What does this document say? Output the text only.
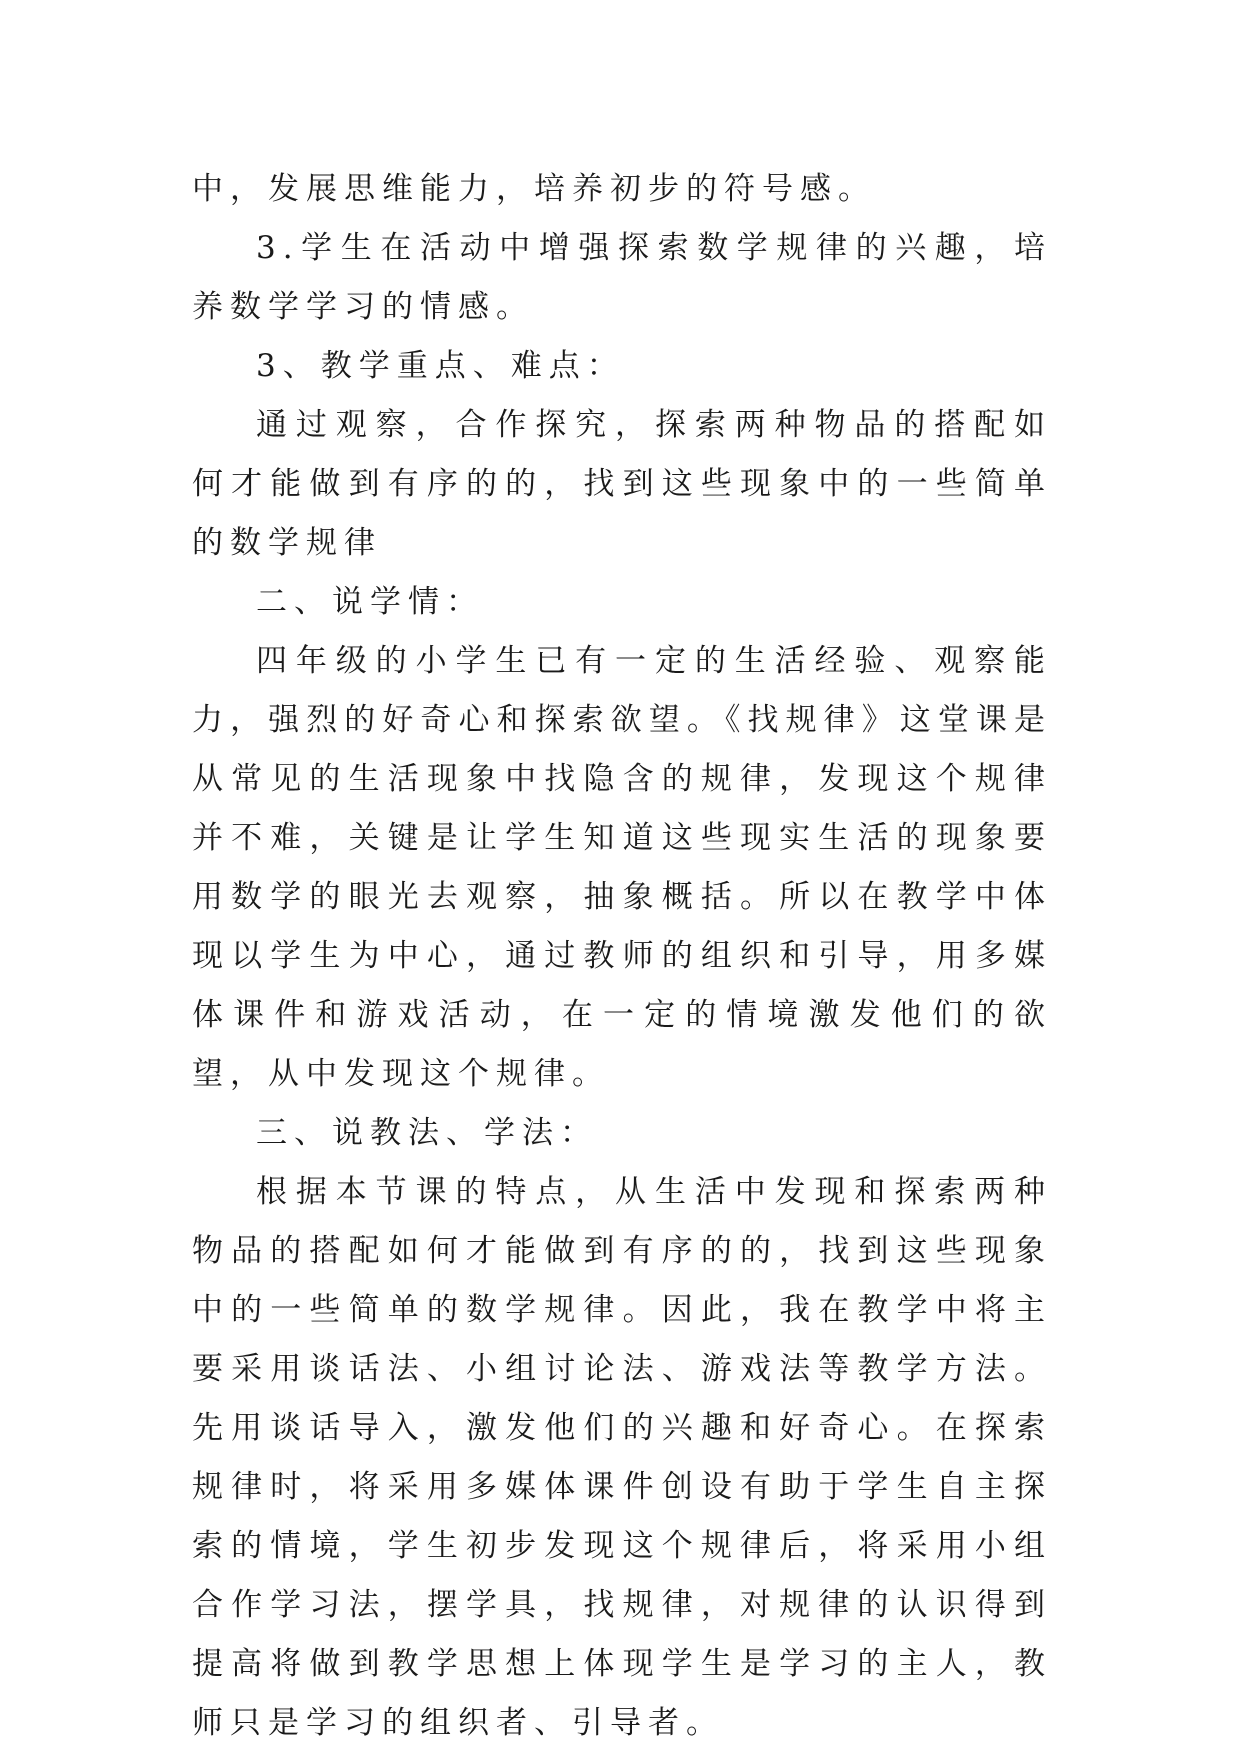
中，发展思维能力，培养初步的符号感。

3.学生在活动中增强探索数学规律的兴趣，培养数学学习的情感。

3、教学重点、难点：

通过观察，合作探究，探索两种物品的搭配如何才能做到有序的的，找到这些现象中的一些简单的数学规律

二、说学情：

四年级的小学生已有一定的生活经验、观察能力，强烈的好奇心和探索欲望。《找规律》这堂课是从常见的生活现象中找隐含的规律，发现这个规律并不难，关键是让学生知道这些现实生活的现象要用数学的眼光去观察，抽象概括。所以在教学中体现以学生为中心，通过教师的组织和引导，用多媒体课件和游戏活动，在一定的情境激发他们的欲望，从中发现这个规律。

三、说教法、学法：

根据本节课的特点，从生活中发现和探索两种物品的搭配如何才能做到有序的的，找到这些现象中的一些简单的数学规律。因此，我在教学中将主要采用谈话法、小组讨论法、游戏法等教学方法。先用谈话导入，激发他们的兴趣和好奇心。在探索规律时，将采用多媒体课件创设有助于学生自主探索的情境，学生初步发现这个规律后，将采用小组合作学习法，摆学具，找规律，对规律的认识得到提高将做到教学思想上体现学生是学习的主人，教师只是学习的组织者、引导者。
